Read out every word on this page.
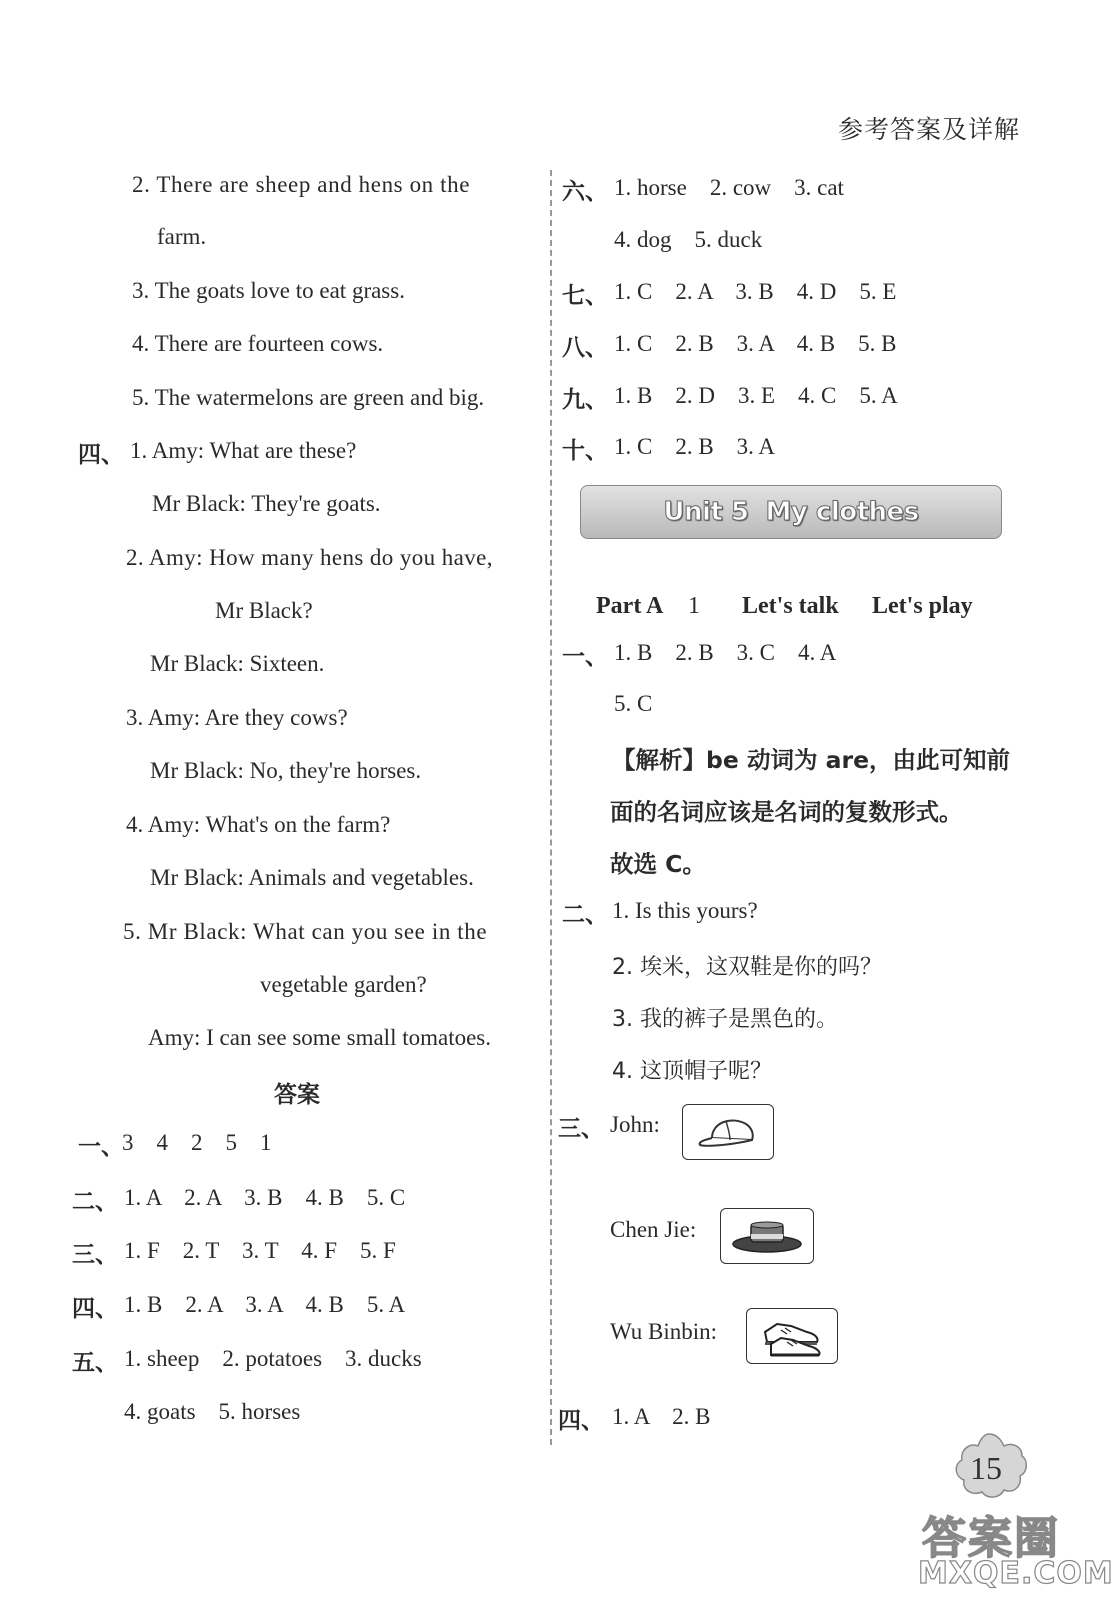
参考答案及详解
2. There are sheep and hens on the
farm.
3. The goats love to eat grass.
4. There are fourteen cows.
5. The watermelons are green and big.
四、 1. Amy: What are these?
Mr Black: They're goats.
2. Amy: How many hens do you have,
Mr Black?
Mr Black: Sixteen.
3. Amy: Are they cows?
Mr Black: No, they're horses.
4. Amy: What's on the farm?
Mr Black: Animals and vegetables.
5. Mr Black: What can you see in the
vegetable garden?
Amy: I can see some small tomatoes.
答案
一、
3    4    2    5    1
二、 1. A    2. A    3. B    4. B    5. C
三、 1. F    2. T    3. T    4. F    5. F
四、 1. B    2. A    3. A    4. B    5. A
五、 1. sheep    2. potatoes    3. ducks
4. goats    5. horses
六、 1. horse    2. cow    3. cat
4. dog    5. duck
七、 1. C    2. A    3. B    4. D    5. E
八、 1. C    2. B    3. A    4. B    5. B
九、 1. B    2. D    3. E    4. C    5. A
十、 1. C    2. B    3. A
Unit 5  My clothes
Part A 1 Let's talk Let's play
一、 1. B    2. B    3. C    4. A
5. C
【解析】be 动词为 are，由此可知前
面的名词应该是名词的复数形式。
故选 C。
二、 1. Is this yours?
2. 埃米，这双鞋是你的吗？
3. 我的裤子是黑色的。
4. 这顶帽子呢？
三、 John:
Chen Jie:
Wu Binbin:
四、 1. A    2. B
15
答案圈
MXQE.COM
